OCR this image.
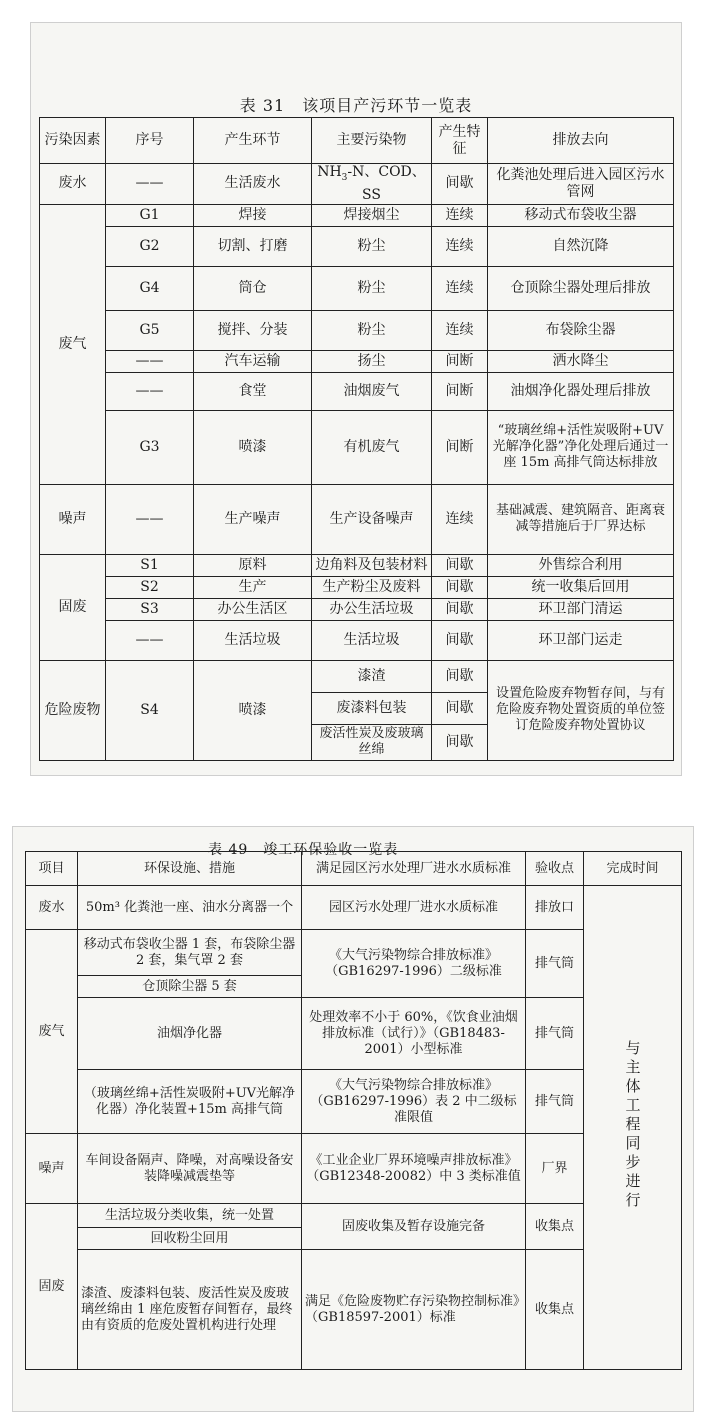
表 31　该项目产污环节一览表
污染因素	序号	产生环节	主要污染物	产生特征	排放去向
废水	——	生活废水	$NH_3-N$、COD、SS	间歇	化粪池处理后进入园区污水管网
废气	G1	焊接	焊接烟尘	连续	移动式布袋收尘器
	G2	切割、打磨	粉尘	连续	自然沉降
	G4	筒仓	粉尘	连续	仓顶除尘器处理后排放
	G5	搅拌、分装	粉尘	连续	布袋除尘器
	——	汽车运输	扬尘	间断	洒水降尘
	——	食堂	油烟废气	间断	油烟净化器处理后排放
	G3	喷漆	有机废气	间断	“玻璃丝绵+活性炭吸附+UV 光解净化器”净化处理后通过一座 15m 高排气筒达标排放
噪声	——	生产噪声	生产设备噪声	连续	基础减震、建筑隔音、距离衰减等措施后于厂界达标
固废	S1	原料	边角料及包装材料	间歇	外售综合利用
	S2	生产	生产粉尘及废料	间歇	统一收集后回用
	S3	办公生活区	办公生活垃圾	间歇	环卫部门清运
	——	生活垃圾	生活垃圾	间歇	环卫部门运走
危险废物	S4	喷漆	漆渣	间歇	设置危险废弃物暂存间，与有危险废弃物处置资质的单位签订危险废弃物处置协议
			废漆料包装	间歇	
			废活性炭及废玻璃丝绵	间歇	
表 49　竣工环保验收一览表
项目	环保设施、措施	满足园区污水处理厂进水水质标准	验收点	完成时间
废水	50m³ 化粪池一座、油水分离器一个	园区污水处理厂进水水质标准	排放口	与主体工程同步进行
废气	移动式布袋收尘器 1 套，布袋除尘器 2 套，集气罩 2 套	《大气污染物综合排放标准》（GB16297-1996）二级标准	排气筒	
	仓顶除尘器 5 套			
	油烟净化器	处理效率不小于 60%，《饮食业油烟排放标准（试行）》（GB18483-2001）小型标准	排气筒	
	（玻璃丝绵+活性炭吸附+UV光解净化器）净化装置+15m 高排气筒	《大气污染物综合排放标准》（GB16297-1996）表 2 中二级标准限值	排气筒	
噪声	车间设备隔声、降噪，对高噪设备安装降噪减震垫等	《工业企业厂界环境噪声排放标准》（GB12348-20082）中 3 类标准值	厂界	
固废	生活垃圾分类收集，统一处置	固废收集及暂存设施完备	收集点	
	回收粉尘回用			
	漆渣、废漆料包装、废活性炭及废玻璃丝绵由 1 座危废暂存间暂存，最终由有资质的危废处置机构进行处理	满足《危险废物贮存污染物控制标准》（GB18597-2001）标准	收集点	
